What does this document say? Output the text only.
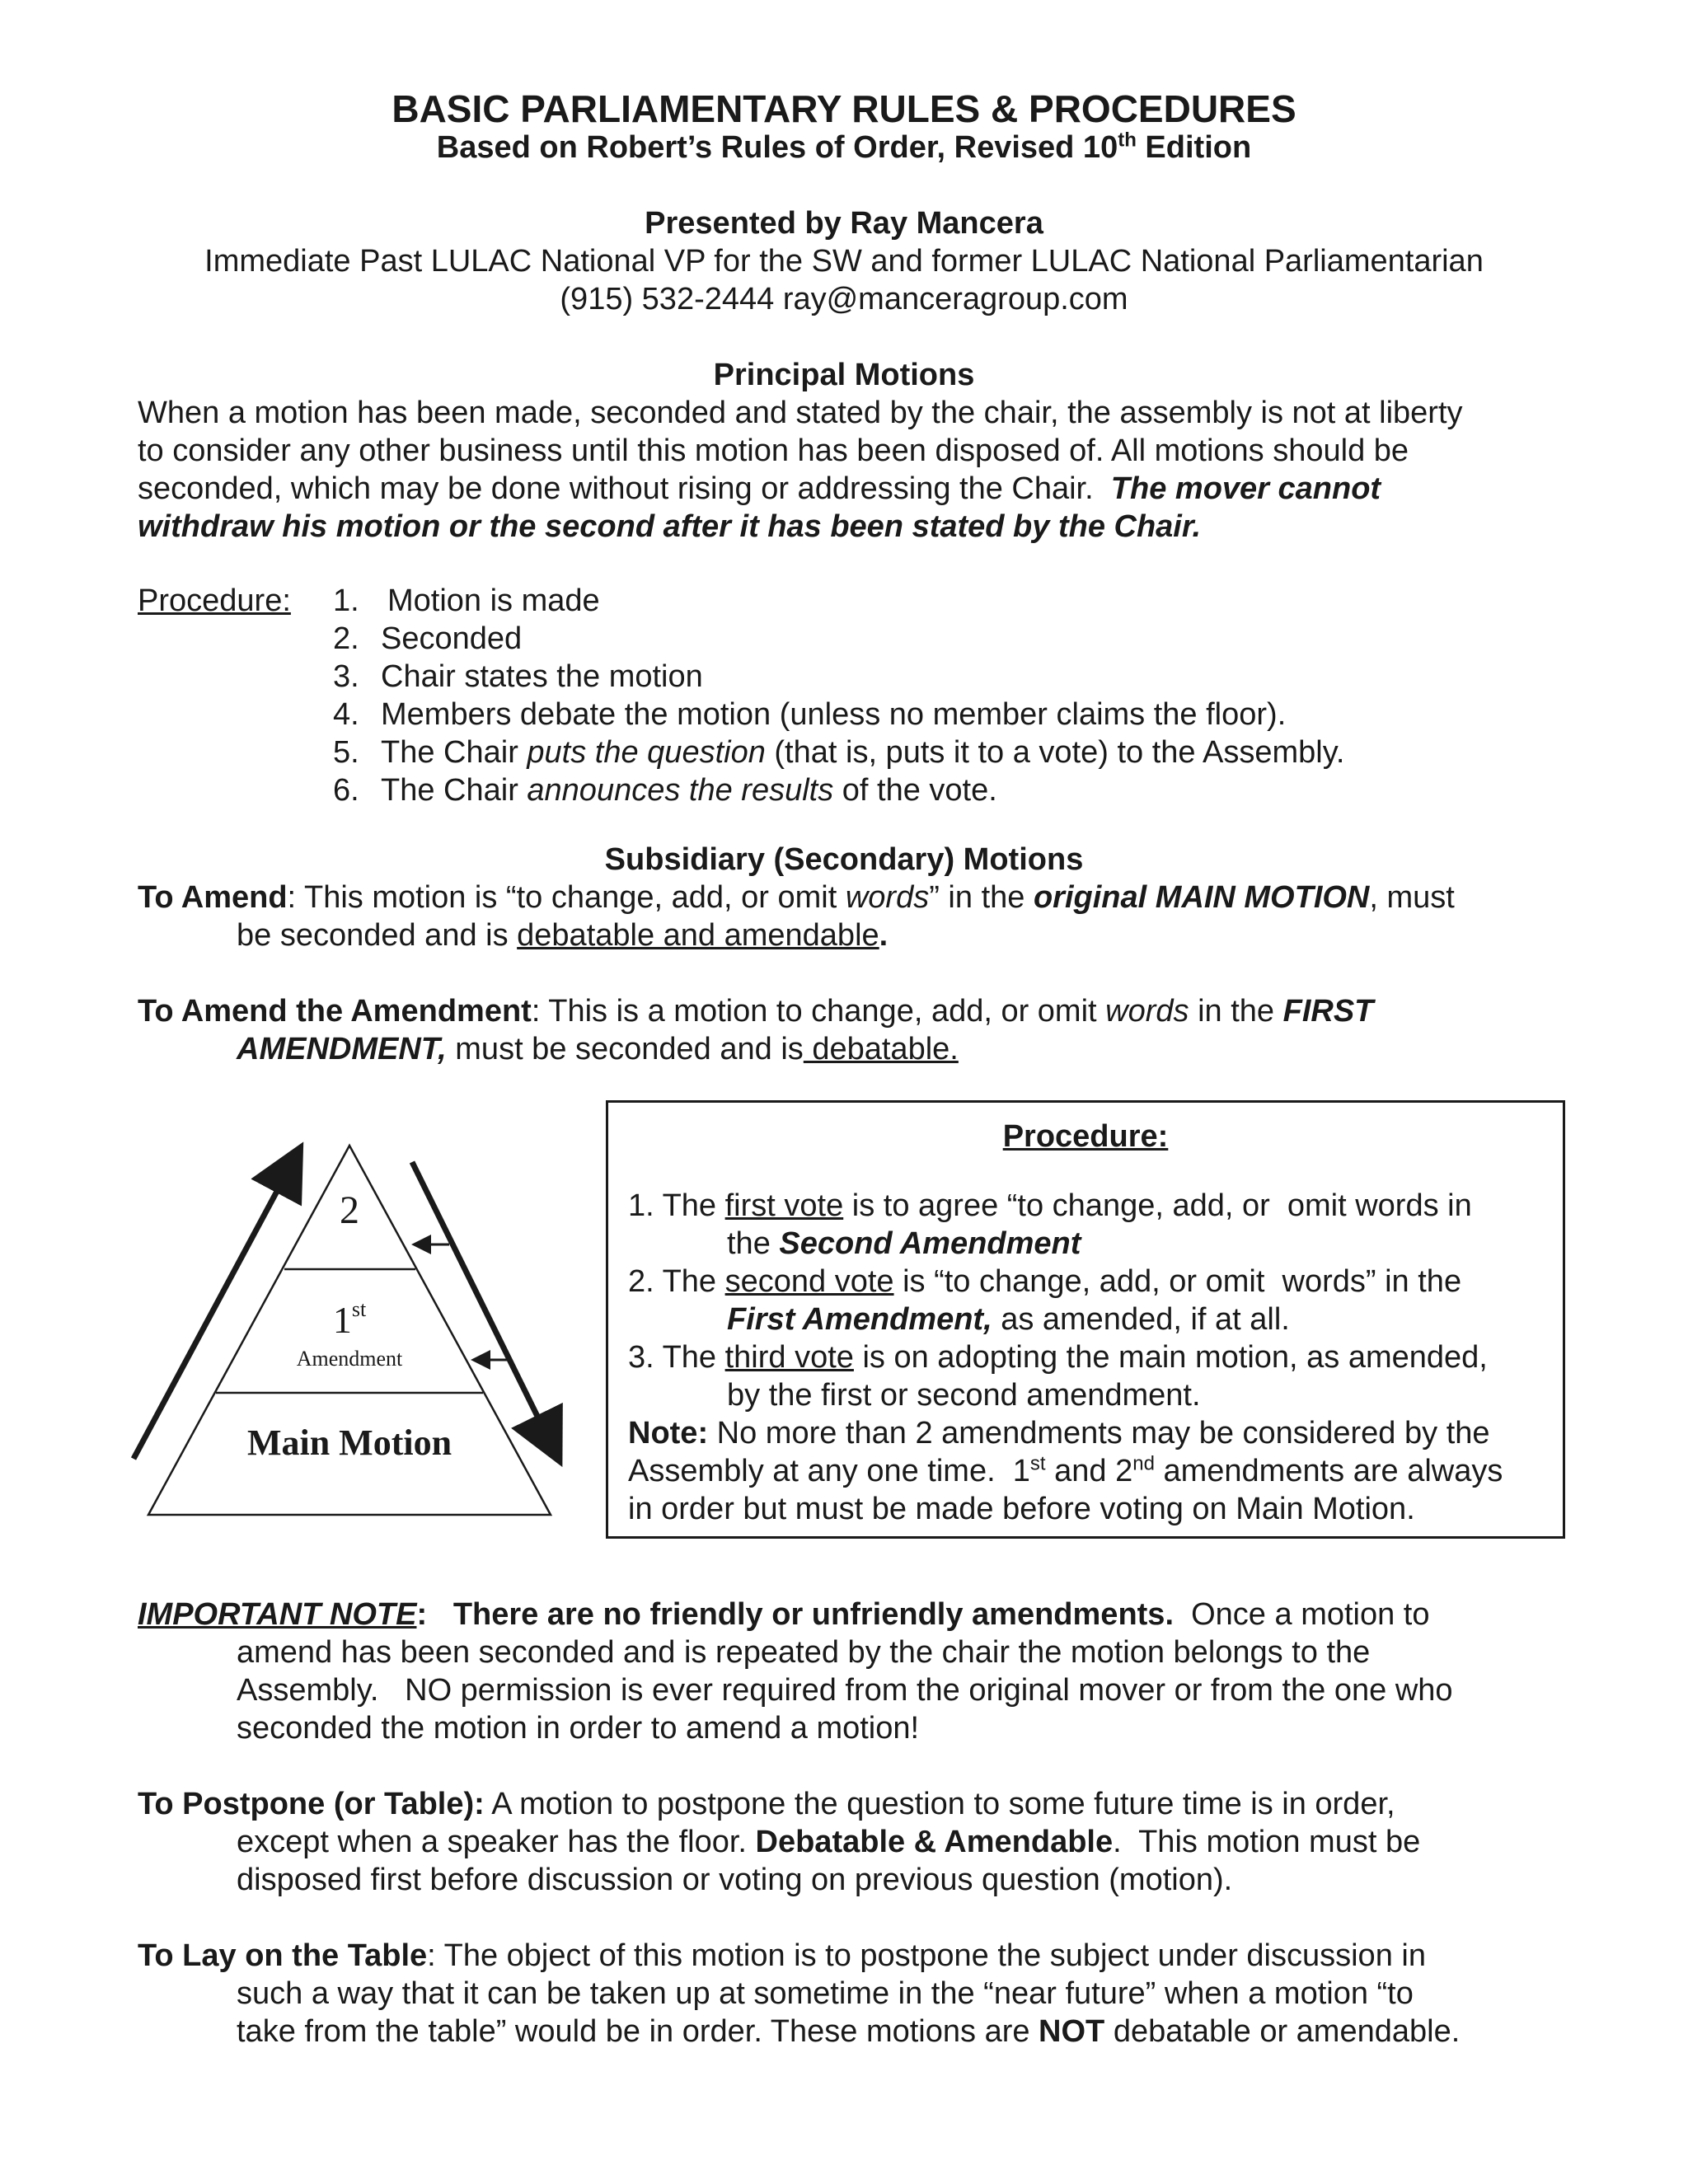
BASIC PARLIAMENTARY RULES & PROCEDURES
Based on Robert’s Rules of Order, Revised 10th Edition
Presented by Ray Mancera
Immediate Past LULAC National VP for the SW and former LULAC National Parliamentarian
(915) 532-2444 ray@manceragroup.com
Principal Motions
When a motion has been made, seconded and stated by the chair, the assembly is not at liberty
to consider any other business until this motion has been disposed of. All motions should be
seconded, which may be done without rising or addressing the Chair.  The mover cannot
withdraw his motion or the second after it has been stated by the Chair.
Procedure: 1. Motion is made
2. Seconded
3. Chair states the motion
4. Members debate the motion (unless no member claims the floor).
5. The Chair puts the question (that is, puts it to a vote) to the Assembly.
6. The Chair announces the results of the vote.
Subsidiary (Secondary) Motions
To Amend: This motion is “to change, add, or omit words” in the original MAIN MOTION, must
be seconded and is debatable and amendable.
To Amend the Amendment: This is a motion to change, add, or omit words in the FIRST
AMENDMENT, must be seconded and is debatable.
2
1st
Amendment
Main Motion
Procedure:
1. The first vote is to agree “to change, add, or  omit words in
the Second Amendment
2. The second vote is “to change, add, or omit  words” in the
First Amendment, as amended, if at all.
3. The third vote is on adopting the main motion, as amended,
by the first or second amendment.
Note: No more than 2 amendments may be considered by the
Assembly at any one time.  1st and 2nd amendments are always
in order but must be made before voting on Main Motion.
IMPORTANT NOTE:   There are no friendly or unfriendly amendments.  Once a motion to
amend has been seconded and is repeated by the chair the motion belongs to the
Assembly.   NO permission is ever required from the original mover or from the one who
seconded the motion in order to amend a motion!
To Postpone (or Table): A motion to postpone the question to some future time is in order,
except when a speaker has the floor. Debatable & Amendable.  This motion must be
disposed first before discussion or voting on previous question (motion).
To Lay on the Table: The object of this motion is to postpone the subject under discussion in
such a way that it can be taken up at sometime in the “near future” when a motion “to
take from the table” would be in order. These motions are NOT debatable or amendable.
